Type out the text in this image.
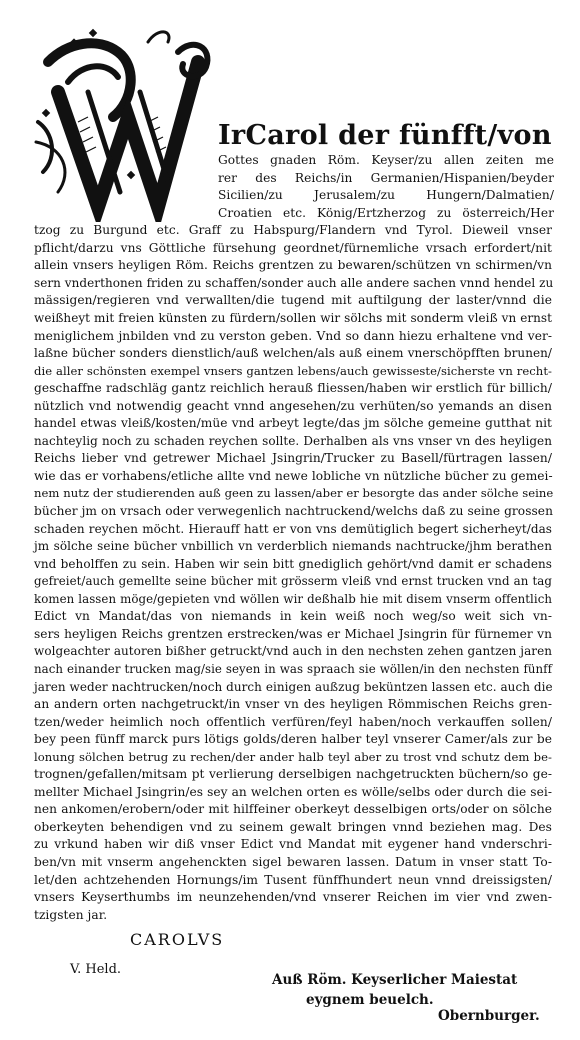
IrCarol der fünfft/von
Gottes gnaden Röm. Keyser/zu allen zeiten me
rer des Reichs/in Germanien/Hispanien/beyder
Sicilien/zu Jerusalem/zu Hungern/Dalmatien/
Croatien etc. König/Ertzherzog zu österreich/Her
tzog zu Burgund etc. Graff zu Habspurg/Flandern vnd Tyrol. Dieweil vnser
pflicht/darzu vns Göttliche fürsehung geordnet/fürnemliche vrsach erfordert/nit
allein vnsers heyligen Röm. Reichs grentzen zu bewaren/schützen vn schirmen/vn
sern vnderthonen friden zu schaffen/sonder auch alle andere sachen vnnd hendel zu
mässigen/regieren vnd verwallten/die tugend mit auftilgung der laster/vnnd die
weißheyt mit freien künsten zu fürdern/sollen wir sölchs mit sonderm vleiß vn ernst
meniglichem jnbilden vnd zu verston geben. Vnd so dann hiezu erhaltene vnd ver-
laßne bücher sonders dienstlich/auß welchen/als auß einem vnerschöpfften brunen/
die aller schönsten exempel vnsers gantzen lebens/auch gewisseste/sicherste vn recht-
geschaffne radschläg gantz reichlich herauß fliessen/haben wir erstlich für billich/
nützlich vnd notwendig geacht vnnd angesehen/zu verhüten/so yemands an disen
handel etwas vleiß/kosten/müe vnd arbeyt legte/das jm sölche gemeine gutthat nit
nachteylig noch zu schaden reychen sollte. Derhalben als vns vnser vn des heyligen
Reichs lieber vnd getrewer Michael Jsingrin/Trucker zu Basell/fürtragen lassen/
wie das er vorhabens/etliche allte vnd newe lobliche vn nützliche bücher zu gemei-
nem nutz der studierenden auß geen zu lassen/aber er besorgte das ander sölche seine
bücher jm on vrsach oder verwegenlich nachtruckend/welchs daß zu seine grossen
schaden reychen möcht. Hierauff hatt er von vns demütiglich begert sicherheyt/das
jm sölche seine bücher vnbillich vn verderblich niemands nachtrucke/jhm berathen
vnd beholffen zu sein. Haben wir sein bitt gnediglich gehört/vnd damit er schadens
gefreiet/auch gemellte seine bücher mit grösserm vleiß vnd ernst trucken vnd an tag
komen lassen möge/gepieten vnd wöllen wir deßhalb hie mit disem vnserm offentlich
Edict vn Mandat/das von niemands in kein weiß noch weg/so weit sich vn-
sers heyligen Reichs grentzen erstrecken/was er Michael Jsingrin für fürnemer vn
wolgeachter autoren bißher getruckt/vnd auch in den nechsten zehen gantzen jaren
nach einander trucken mag/sie seyen in was spraach sie wöllen/in den nechsten fünff
jaren weder nachtrucken/noch durch einigen außzug beküntzen lassen etc. auch die
an andern orten nachgetruckt/in vnser vn des heyligen Römmischen Reichs gren-
tzen/weder heimlich noch offentlich verfüren/feyl haben/noch verkauffen sollen/
bey peen fünff marck purs lötigs golds/deren halber teyl vnserer Camer/als zur be
lonung sölchen betrug zu rechen/der ander halb teyl aber zu trost vnd schutz dem be-
trognen/gefallen/mitsam pt verlierung derselbigen nachgetruckten büchern/so ge-
mellter Michael Jsingrin/es sey an welchen orten es wölle/selbs oder durch die sei-
nen ankomen/erobern/oder mit hilffeiner oberkeyt desselbigen orts/oder on sölche
oberkeyten behendigen vnd zu seinem gewalt bringen vnnd beziehen mag. Des
zu vrkund haben wir diß vnser Edict vnd Mandat mit eygener hand vnderschri-
ben/vn mit vnserm angehenckten sigel bewaren lassen. Datum in vnser statt To-
let/den achtzehenden Hornungs/im Tusent fünffhundert neun vnnd dreissigsten/
vnsers Keyserthumbs im neunzehenden/vnd vnserer Reichen im vier vnd zwen-
tzigsten jar.
CAROLVS
V. Held.
Auß Röm. Keyserlicher Maiestat
eygnem beuelch.
Obernburger.
